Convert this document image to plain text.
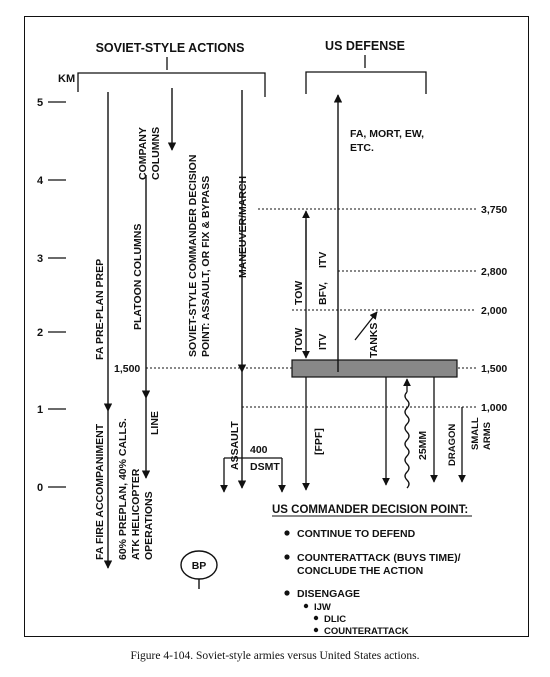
SOVIET-STYLE ACTIONS	US DEFENSE
KM
5
4
3
2
1
0
FA PRE-PLAN PREP
FA FIRE ACCOMPANIMENT 60% PREPLAN, 40% CALLS. ATK HELICOPTER OPERATIONS
PLATOON COLUMNS
LINE
COMPANY COLUMNS
SOVIET-STYLE COMMANDER DECISION POINT: ASSAULT, OR FIX & BYPASS MANEUVER/MARCH
ASSAULT 400
DSMT
BP
3,750
2,800
2,000
1,500	1,500
1,000
TOW BFV,
ITV
TOW ITV	TANKS
[FPF]	25MM DRAGON SMALL ARMS
FA, MORT, EW,
ETC.
US COMMANDER DECISION POINT:
CONTINUE TO DEFEND
COUNTERATTACK (BUYS TIME)/
CONCLUDE THE ACTION
DISENGAGE
IJW
DLIC
COUNTERATTACK
Figure 4-104. Soviet-style armies versus United States actions.
